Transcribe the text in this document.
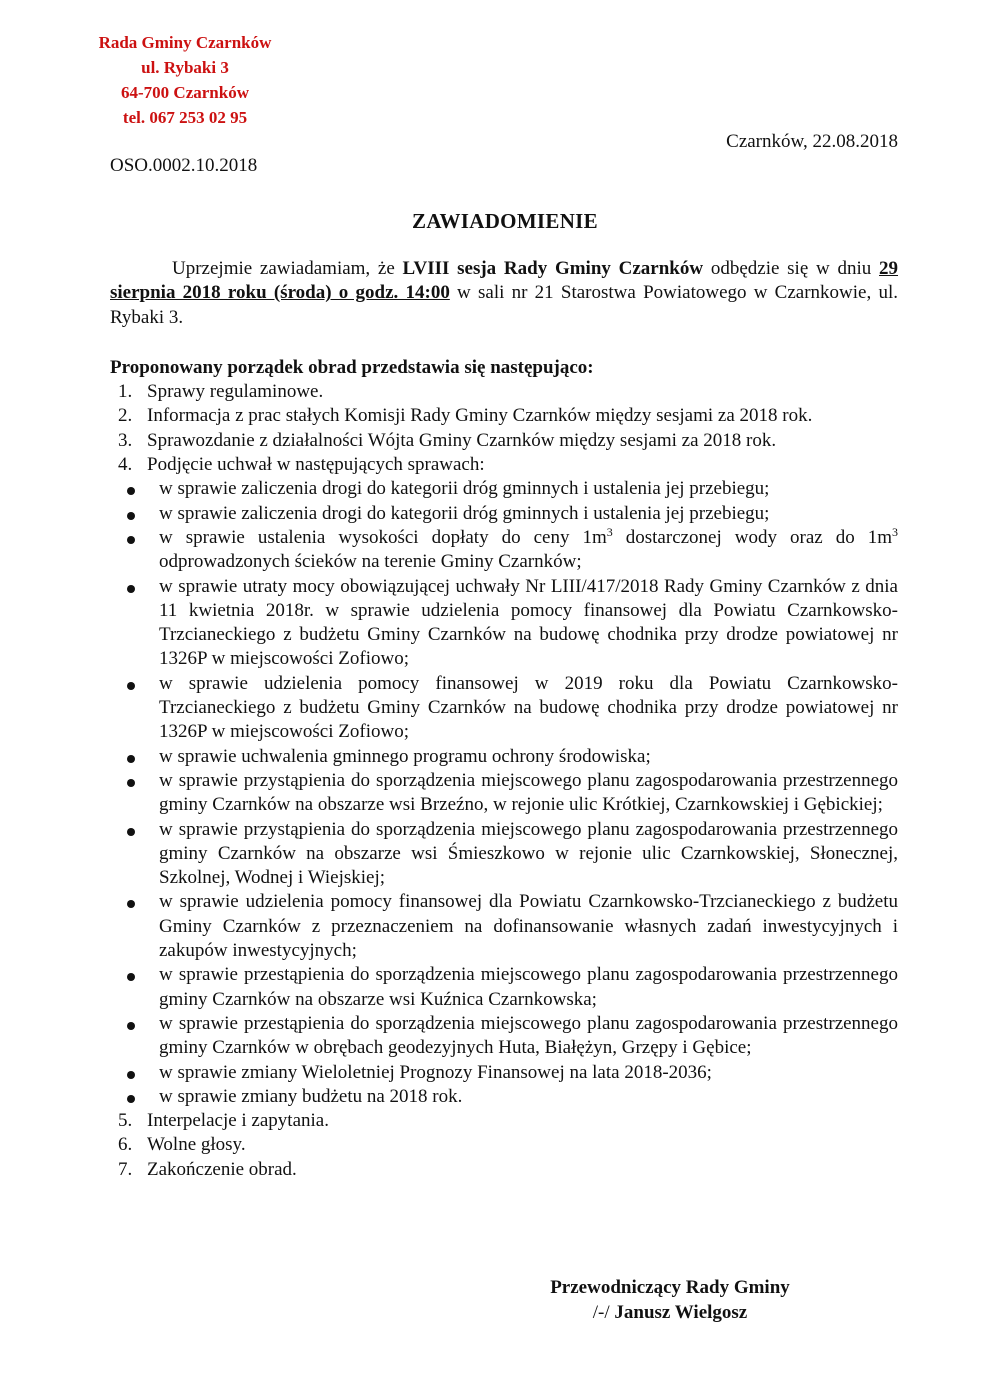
Rada Gminy Czarnków
ul. Rybaki 3
64-700 Czarnków
tel. 067 253 02 95
Czarnków, 22.08.2018
OSO.0002.10.2018
ZAWIADOMIENIE

Uprzejmie zawiadamiam, że LVIII sesja Rady Gminy Czarnków odbędzie się w dniu 29 sierpnia 2018 roku (środa) o godz. 14:00 w sali nr 21 Starostwa Powiatowego w Czarnkowie, ul. Rybaki 3.

Proponowany porządek obrad przedstawia się następująco:

1. Sprawy regulaminowe.
2. Informacja z prac stałych Komisji Rady Gminy Czarnków między sesjami za 2018 rok.
3. Sprawozdanie z działalności Wójta Gminy Czarnków między sesjami za 2018 rok.
4. Podjęcie uchwał w następujących sprawach:
w sprawie zaliczenia drogi do kategorii dróg gminnych i ustalenia jej przebiegu;
w sprawie zaliczenia drogi do kategorii dróg gminnych i ustalenia jej przebiegu;
w sprawie ustalenia wysokości dopłaty do ceny $1m^3$ dostarczonej wody oraz do $1m^3$ odprowadzonych ścieków na terenie Gminy Czarnków;
w sprawie utraty mocy obowiązującej uchwały Nr LIII/417/2018 Rady Gminy Czarnków z dnia 11 kwietnia 2018r. w sprawie udzielenia pomocy finansowej dla Powiatu Czarnkowsko-Trzcianeckiego z budżetu Gminy Czarnków na budowę chodnika przy drodze powiatowej nr 1326P w miejscowości Zofiowo;
w sprawie udzielenia pomocy finansowej w 2019 roku dla Powiatu Czarnkowsko-Trzcianeckiego z budżetu Gminy Czarnków na budowę chodnika przy drodze powiatowej nr 1326P w miejscowości Zofiowo;
w sprawie uchwalenia gminnego programu ochrony środowiska;
w sprawie przystąpienia do sporządzenia miejscowego planu zagospodarowania przestrzennego gminy Czarnków na obszarze wsi Brzeźno, w rejonie ulic Krótkiej, Czarnkowskiej i Gębickiej;
w sprawie przystąpienia do sporządzenia miejscowego planu zagospodarowania przestrzennego gminy Czarnków na obszarze wsi Śmieszkowo w rejonie ulic Czarnkowskiej, Słonecznej, Szkolnej, Wodnej i Wiejskiej;
w sprawie udzielenia pomocy finansowej dla Powiatu Czarnkowsko-Trzcianeckiego z budżetu Gminy Czarnków z przeznaczeniem na dofinansowanie własnych zadań inwestycyjnych i zakupów inwestycyjnych;
w sprawie przestąpienia do sporządzenia miejscowego planu zagospodarowania przestrzennego gminy Czarnków na obszarze wsi Kuźnica Czarnkowska;
w sprawie przestąpienia do sporządzenia miejscowego planu zagospodarowania przestrzennego gminy Czarnków w obrębach geodezyjnych Huta, Białężyn, Grzępy i Gębice;
w sprawie zmiany Wieloletniej Prognozy Finansowej na lata 2018-2036;
w sprawie zmiany budżetu na 2018 rok.
5. Interpelacje i zapytania.
6. Wolne głosy.
7. Zakończenie obrad.
Przewodniczący Rady Gminy
/-/ Janusz Wielgosz
